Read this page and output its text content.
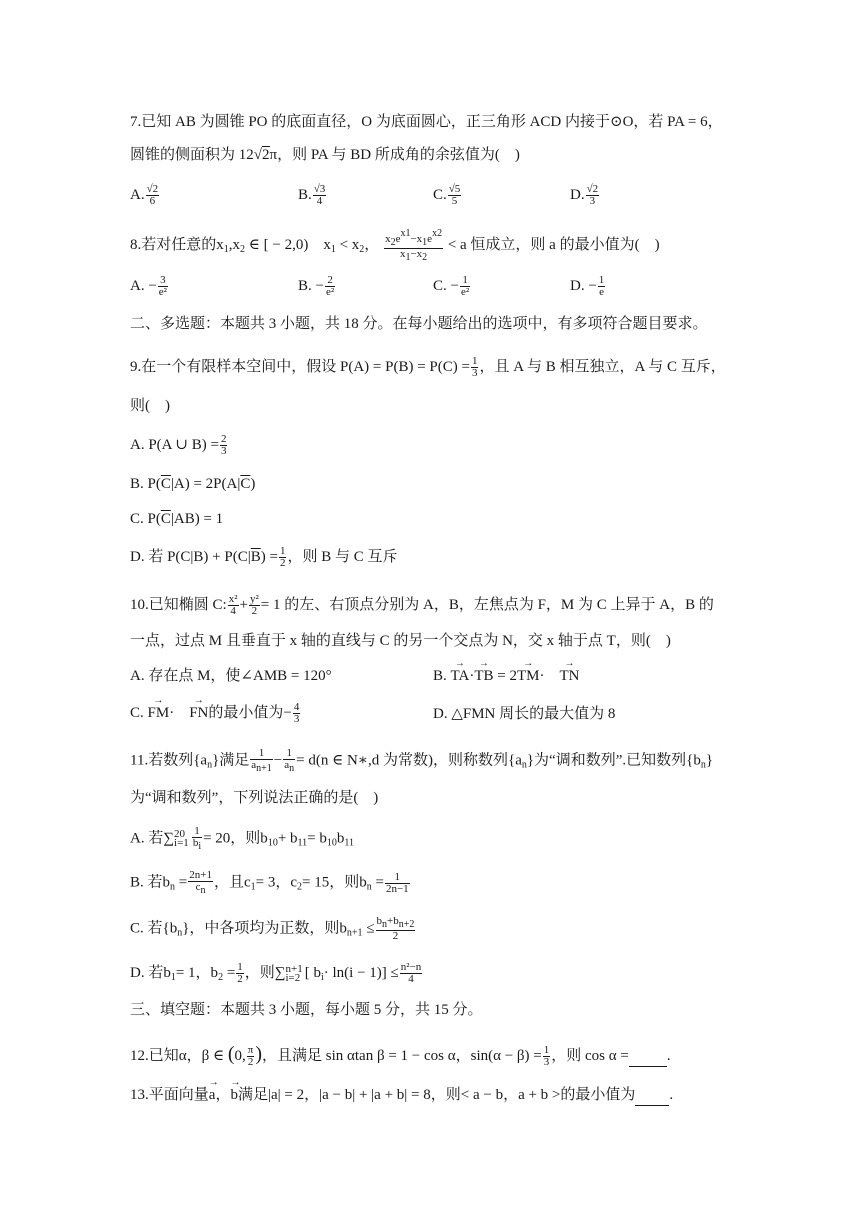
7.已知 AB 为圆锥 PO 的底面直径，O 为底面圆心，正三角形 ACD 内接于⊙O，若 PA = 6，
圆锥的侧面积为 12√2π，则 PA 与 BD 所成角的余弦值为(　)
A. $\frac{√2}{6}$	B. $\frac{√3}{4}$	C. $\frac{√5}{5}$	D. $\frac{√2}{3}$
8.若对任意的$x_1,x_2$ ∈ [ − 2,0)　$x_1 < x_2$， $\frac{x_2e^{x1}-x_1e^{x2}}{x_1-x_2} < a$ 恒成立，则 a 的最小值为(　)
A. − $\frac{3}{\text{e²}}$	B. − $\frac{2}{\text{e²}}$	C. − $\frac{1}{\text{e²}}$	D. − $\frac{1}{e}$
二、多选题：本题共 3 小题，共 18 分。在每小题给出的选项中，有多项符合题目要求。
9.在一个有限样本空间中，假设 $P(A) = P(B) = P(C) = \frac{1}{3}$ ，且 A 与 B 相互独立，A 与 C 互斥，
则(　)
A. P(A ∪ $B) = \frac{2}{3}$
B. $P(\overline{C}|A) = 2P(A|\overline{C})$
C. $P(\overline{C}|AB) = 1$
D. 若 $P(C|B) + P(C|\overline{B}) = \frac{1}{2}$ ，则 B 与 C 互斥
10.已知椭圆 C: $\frac{\text{x²}}{4} + \frac{\text{y²}}{2} = 1$ 的左、右顶点分别为 A，B，左焦点为 F，M 为 C 上异于 A，B 的
一点，过点 M 且垂直于 x 轴的直线与 C 的另一个交点为 N，交 x 轴于点 T，则(　)
A. 存在点 M，使∠AMB = 120°	B. → TA·→ TB = 2→ TM·　→ TN
C. → FM·　→ FN的最小值为− $\frac{4}{3}$	D. △FMN 周长的最大值为 8
11.若数列$\{a_n\}$满足 $\frac{1}{a_{n+1}} - \frac{1}{a_n} = d(n$ ∈ N∗,d 为常数)，则称数列$\{a_n\}$为“调和数列”.已知数列$\{b_n\}$
为“调和数列”，下列说法正确的是(　)
A. 若∑ 20
$i=1 \frac{1}{b_i} = 20$，则$b_{10}+ b_{11}= b_{10}b_{11}$
B. 若$b_n = \frac{2n+1}{c_n}$ ，且$c_1= 3$，$c_2= 15$，则$b_n = \frac{1}{2n-1}$
C. 若$\{b_n\}$，中各项均为正数，则$b_{n+1} \le \frac{b_n+b_{n+2}}{2}$
D. 若$b_1= 1$，$b_2 = \frac{1}{2}$ ，则∑ n+1
i=2 [ $b_i\cdot \ln(i - 1)] \le \frac{\text{n²−n}}{4}$
三、填空题：本题共 3 小题，每小题 5 分，共 15 分。
12.已知α，β ∈ (0, $\frac{\pi}{2}$ )，且满足 sin αtan β = 1 − cos α，$\sin(\alpha - \beta) = \frac{1}{3}$ ，则 cos α =	.
13.平面向量→ a，→ b满足|a| = 2，|a − b| + |a + b| = 8，则< a − b，a + b >的最小值为 .
